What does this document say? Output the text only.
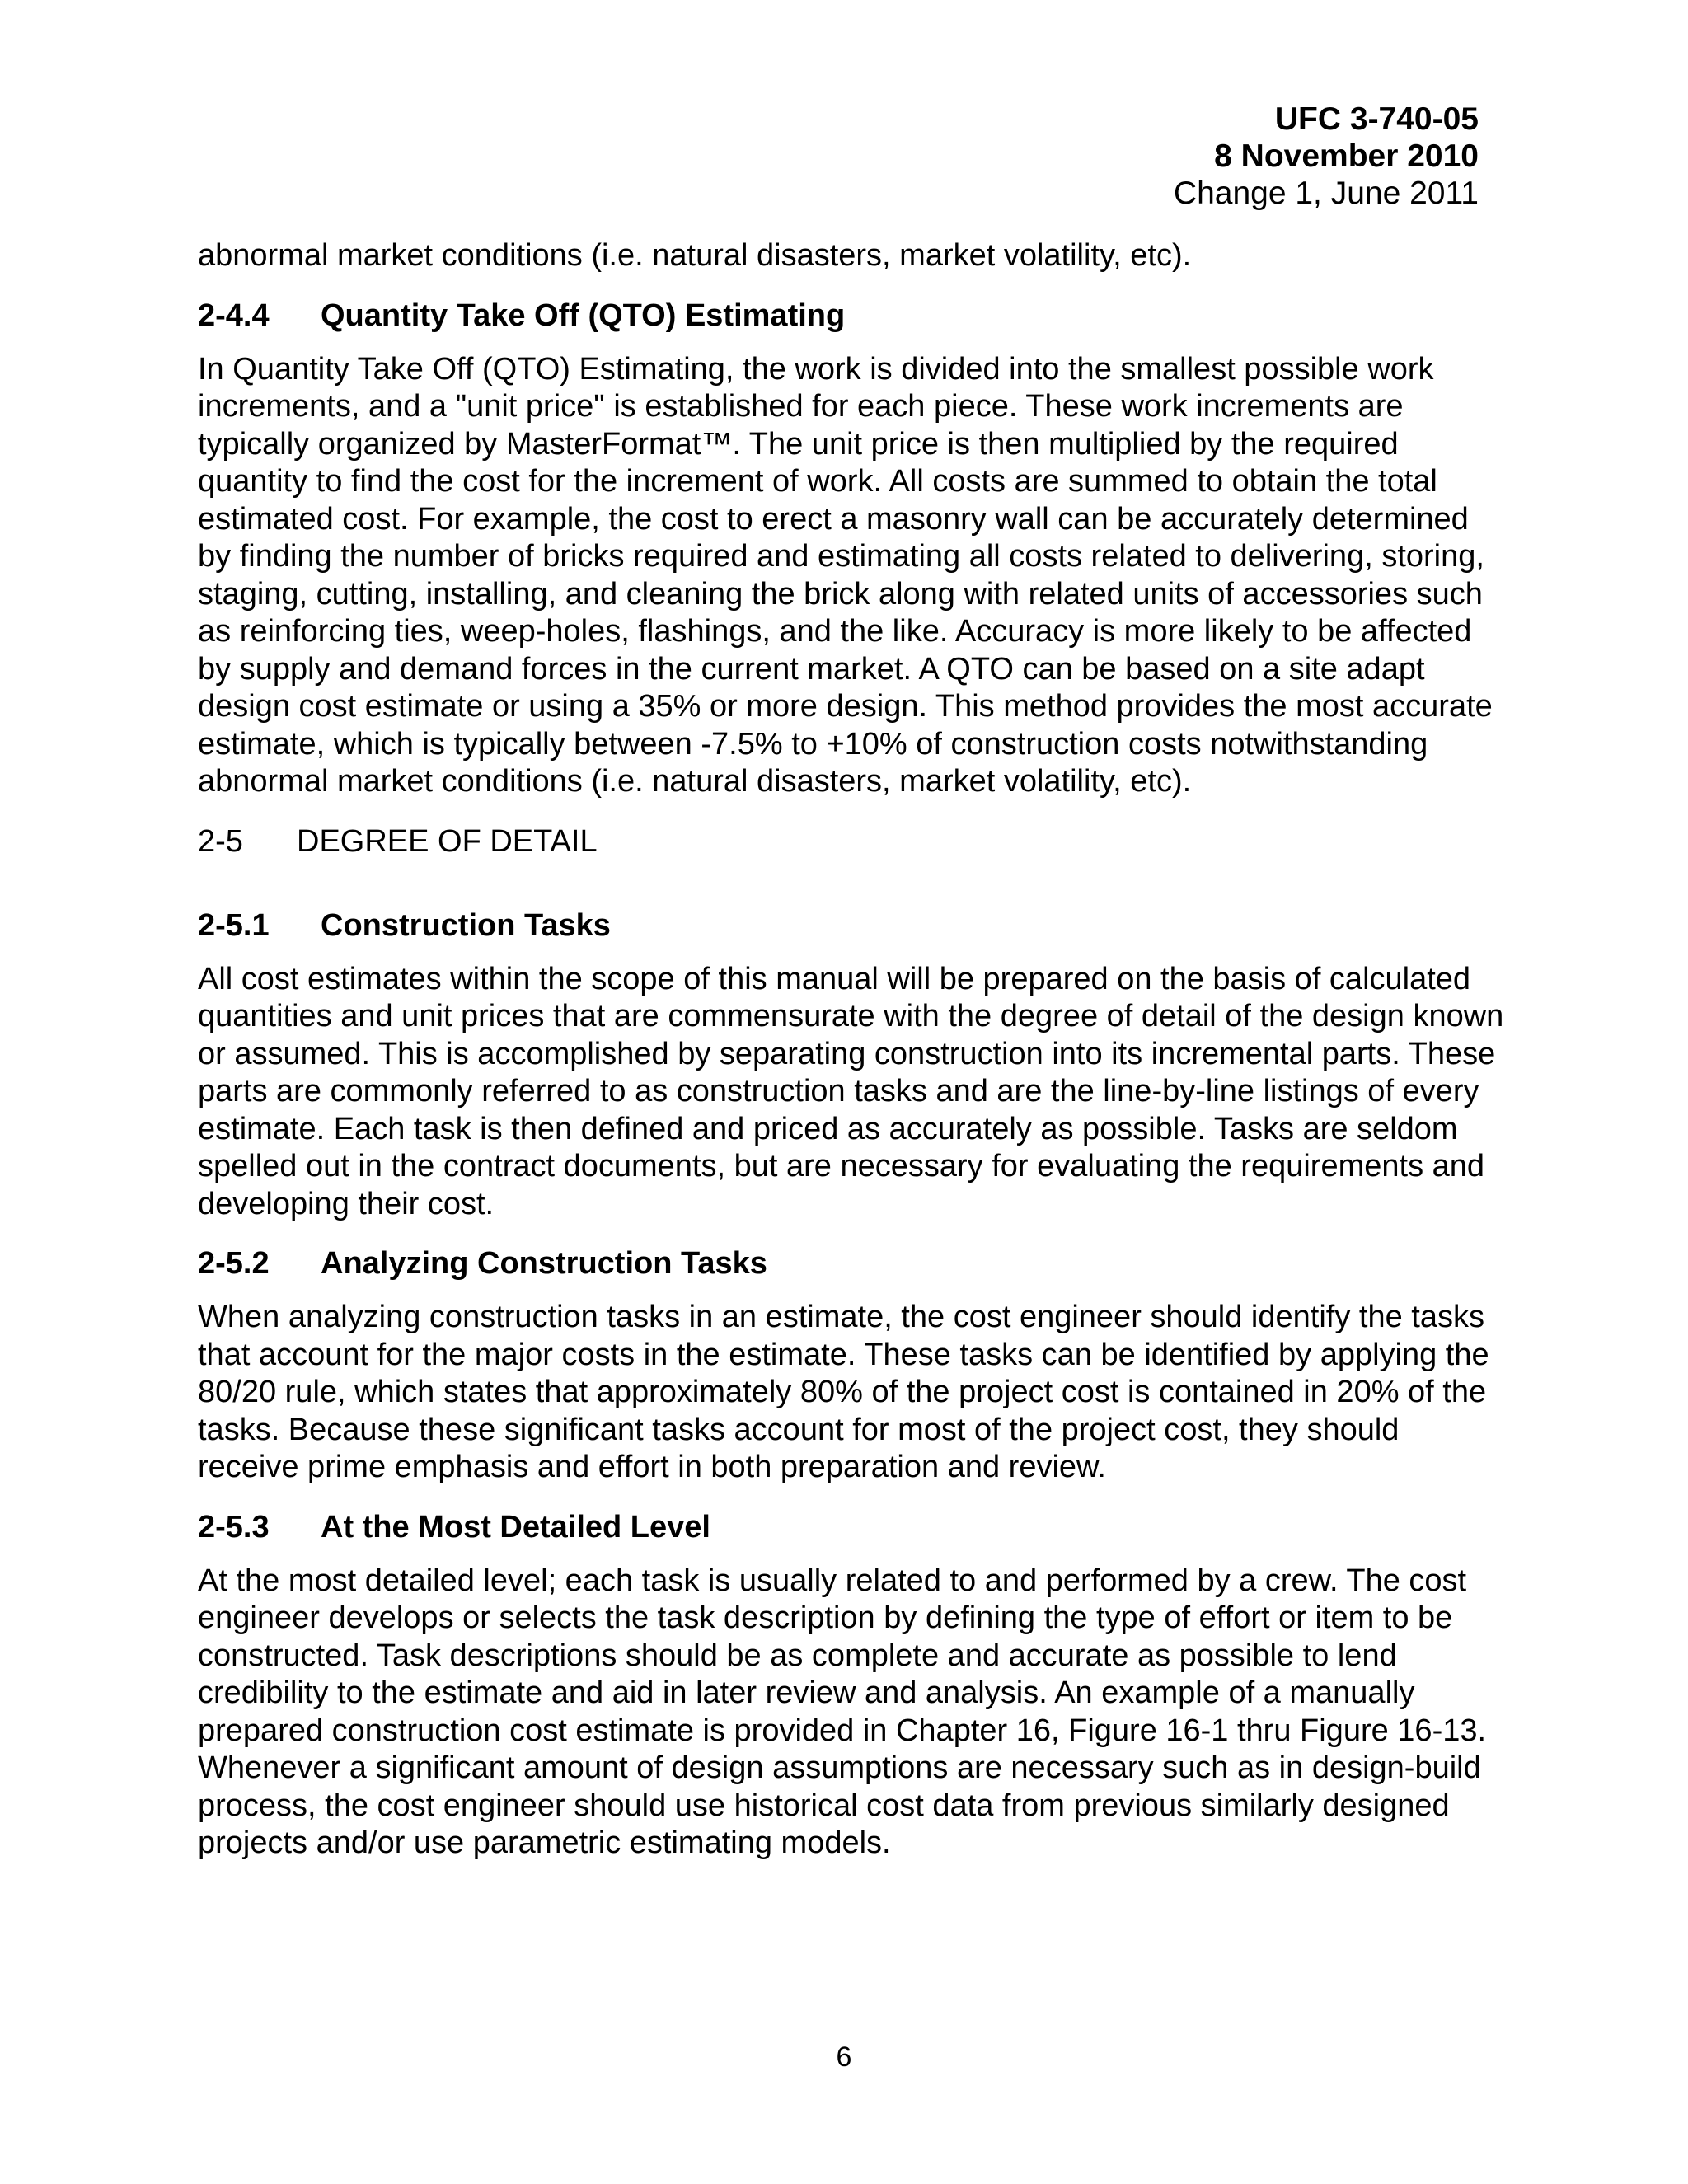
UFC 3-740-05
8 November 2010
Change 1, June 2011

abnormal market conditions (i.e. natural disasters, market volatility, etc).

2-4.4	Quantity Take Off (QTO) Estimating

In Quantity Take Off (QTO) Estimating, the work is divided into the smallest possible work increments, and a "unit price" is established for each piece. These work increments are typically organized by MasterFormat™. The unit price is then multiplied by the required quantity to find the cost for the increment of work. All costs are summed to obtain the total estimated cost. For example, the cost to erect a masonry wall can be accurately determined by finding the number of bricks required and estimating all costs related to delivering, storing, staging, cutting, installing, and cleaning the brick along with related units of accessories such as reinforcing ties, weep-holes, flashings, and the like. Accuracy is more likely to be affected by supply and demand forces in the current market. A QTO can be based on a site adapt design cost estimate or using a 35% or more design. This method provides the most accurate estimate, which is typically between -7.5% to +10% of construction costs notwithstanding abnormal market conditions (i.e. natural disasters, market volatility, etc).

2-5	DEGREE OF DETAIL
2-5.1	Construction Tasks

All cost estimates within the scope of this manual will be prepared on the basis of calculated quantities and unit prices that are commensurate with the degree of detail of the design known or assumed. This is accomplished by separating construction into its incremental parts. These parts are commonly referred to as construction tasks and are the line-by-line listings of every estimate. Each task is then defined and priced as accurately as possible. Tasks are seldom spelled out in the contract documents, but are necessary for evaluating the requirements and developing their cost.

2-5.2	Analyzing Construction Tasks

When analyzing construction tasks in an estimate, the cost engineer should identify the tasks that account for the major costs in the estimate. These tasks can be identified by applying the 80/20 rule, which states that approximately 80% of the project cost is contained in 20% of the tasks. Because these significant tasks account for most of the project cost, they should receive prime emphasis and effort in both preparation and review.

2-5.3	At the Most Detailed Level

At the most detailed level; each task is usually related to and performed by a crew. The cost engineer develops or selects the task description by defining the type of effort or item to be constructed. Task descriptions should be as complete and accurate as possible to lend credibility to the estimate and aid in later review and analysis. An example of a manually prepared construction cost estimate is provided in Chapter 16, Figure 16-1 thru Figure 16-13. Whenever a significant amount of design assumptions are necessary such as in design-build process, the cost engineer should use historical cost data from previous similarly designed projects and/or use parametric estimating models.

6
